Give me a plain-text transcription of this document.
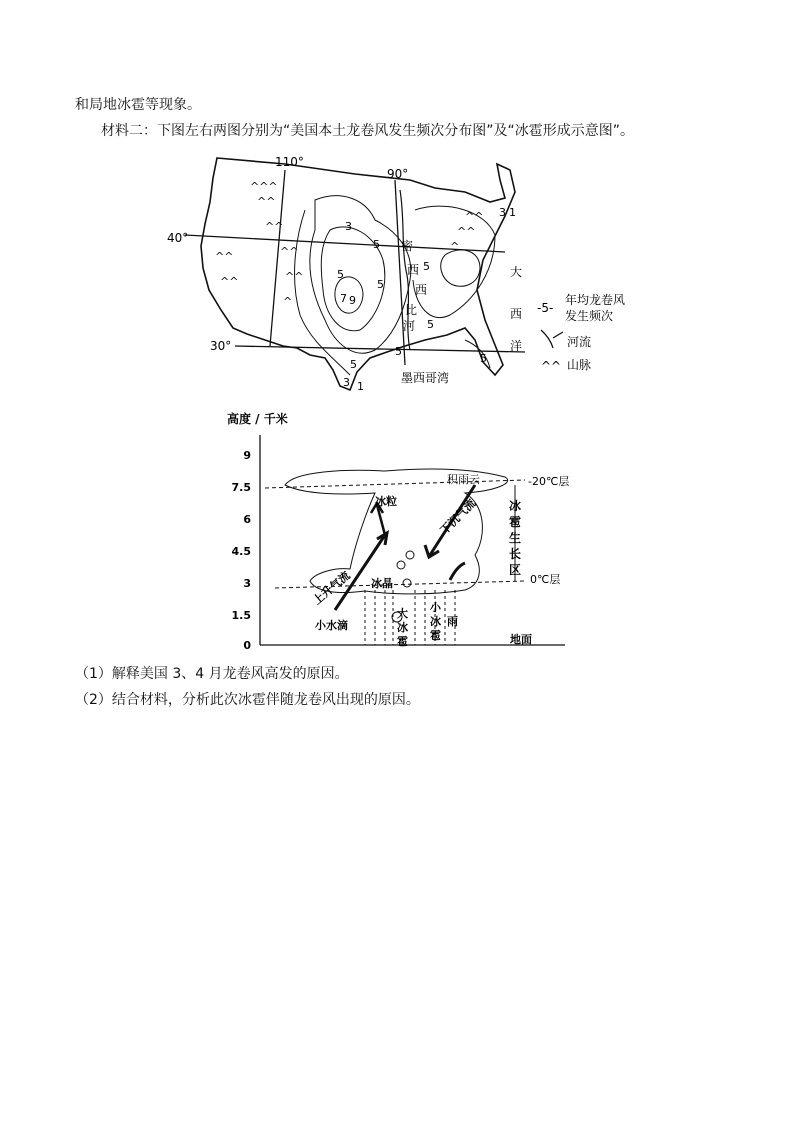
和局地冰雹等现象。
材料二：下图左右两图分别为“美国本土龙卷风发生频次分布图”及“冰雹形成示意图”。
^^^
^^
^^
^^
^^
^
^^
^^
^^
^^
^
110°
90°
40°
30°
3
5
5
5
7 9
5
5
5
5
3 1
3 1
5
密
西
西
比
河
墨西哥湾
大
西
洋
-5-
年均龙卷风
发生频次
河流
^^ 山脉
高度 / 千米
9
7.5
6
4.5
3
1.5
0
积雨云	-20℃层
0℃层
冰
雹
生
长
区
冰粒	下沉气流
上升气流 冰晶
小水滴
大
冰
雹
小
冰
雹
雨
地面
（1）解释美国 3、4 月龙卷风高发的原因。
（2）结合材料，分析此次冰雹伴随龙卷风出现的原因。
